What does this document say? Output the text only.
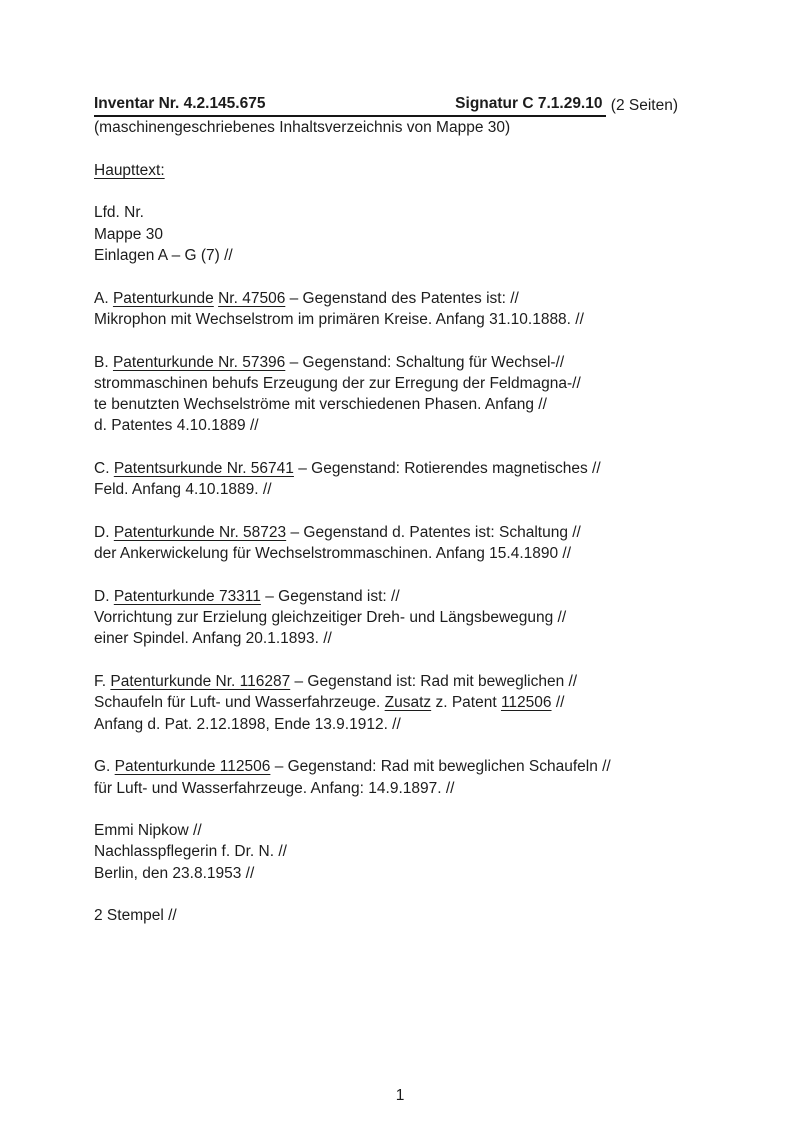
Inventar Nr. 4.2.145.675	Signatur C 7.1.29.10 (2 Seiten)
(maschinengeschriebenes Inhaltsverzeichnis von Mappe 30)
Haupttext:
Lfd. Nr.
Mappe 30
Einlagen A – G (7) //
A. Patenturkunde Nr. 47506 – Gegenstand des Patentes ist: //
Mikrophon mit Wechselstrom im primären Kreise. Anfang 31.10.1888. //
B. Patenturkunde Nr. 57396 – Gegenstand: Schaltung für Wechsel-//
strommaschinen behufs Erzeugung der zur Erregung der Feldmagna-//
te benutzten Wechselströme mit verschiedenen Phasen. Anfang //
d. Patentes 4.10.1889 //
C. Patentsurkunde Nr. 56741 – Gegenstand: Rotierendes magnetisches //
Feld. Anfang 4.10.1889. //
D. Patenturkunde Nr. 58723 – Gegenstand d. Patentes ist: Schaltung //
der Ankerwickelung für Wechselstrommaschinen. Anfang 15.4.1890 //
D. Patenturkunde 73311 – Gegenstand ist: //
Vorrichtung zur Erzielung gleichzeitiger Dreh- und Längsbewegung //
einer Spindel. Anfang 20.1.1893. //
F. Patenturkunde Nr. 116287 – Gegenstand ist: Rad mit beweglichen //
Schaufeln für Luft- und Wasserfahrzeuge. Zusatz z. Patent 112506 //
Anfang d. Pat. 2.12.1898, Ende 13.9.1912. //
G. Patenturkunde 112506 – Gegenstand: Rad mit beweglichen Schaufeln //
für Luft- und Wasserfahrzeuge. Anfang: 14.9.1897. //
Emmi Nipkow //
Nachlasspflegerin f. Dr. N. //
Berlin, den 23.8.1953 //
2 Stempel //
1
